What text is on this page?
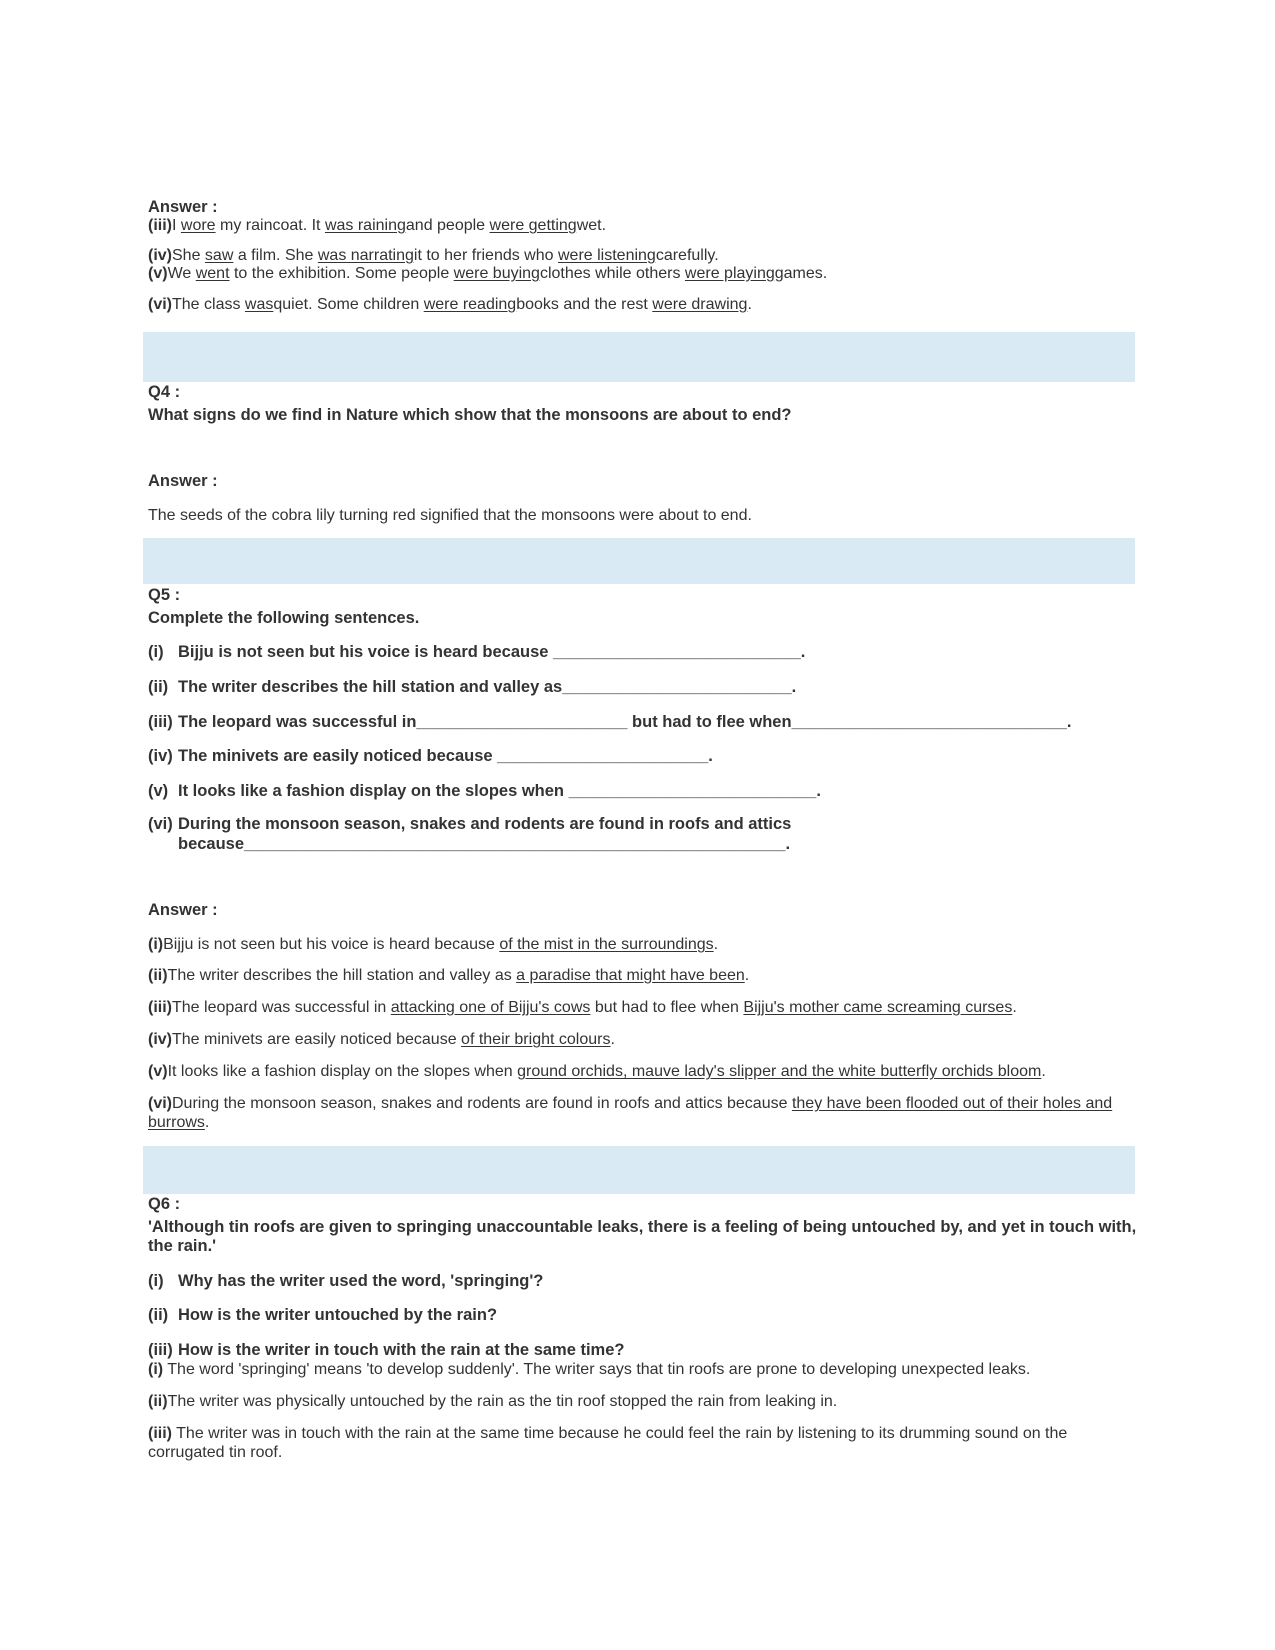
Answer :
(iii)I wore my raincoat. It was rainingand people were gettingwet.
(iv)She saw a film. She was narratingit to her friends who were listeningcarefully.
(v)We went to the exhibition. Some people were buyingclothes while others were playinggames.
(vi)The class wasquiet. Some children were readingbooks and the rest were drawing.
Q4 :
What signs do we find in Nature which show that the monsoons are about to end?
Answer :
The seeds of the cobra lily turning red signified that the monsoons were about to end.
Q5 :
Complete the following sentences.
(i) Bijju is not seen but his voice is heard because ___________________________.
(ii) The writer describes the hill station and valley as_________________________.
(iii) The leopard was successful in_______________________ but had to flee when______________________________.
(iv) The minivets are easily noticed because _______________________.
(v) It looks like a fashion display on the slopes when ___________________________.
(vi) During the monsoon season, snakes and rodents are found in roofs and attics
because___________________________________________________________.
Answer :
(i)Bijju is not seen but his voice is heard because of the mist in the surroundings.
(ii)The writer describes the hill station and valley as a paradise that might have been.
(iii)The leopard was successful in attacking one of Bijju's cows but had to flee when Bijju's mother came screaming curses.
(iv)The minivets are easily noticed because of their bright colours.
(v)It looks like a fashion display on the slopes when ground orchids, mauve lady's slipper and the white butterfly orchids bloom.
(vi)During the monsoon season, snakes and rodents are found in roofs and attics because they have been flooded out of their holes and burrows.
Q6 :
'Although tin roofs are given to springing unaccountable leaks, there is a feeling of being untouched by, and yet in touch with, the rain.'
(i) Why has the writer used the word, 'springing'?
(ii) How is the writer untouched by the rain?
(iii) How is the writer in touch with the rain at the same time?
(i) The word 'springing' means 'to develop suddenly'. The writer says that tin roofs are prone to developing unexpected leaks.
(ii)The writer was physically untouched by the rain as the tin roof stopped the rain from leaking in.
(iii) The writer was in touch with the rain at the same time because he could feel the rain by listening to its drumming sound on the corrugated tin roof.
